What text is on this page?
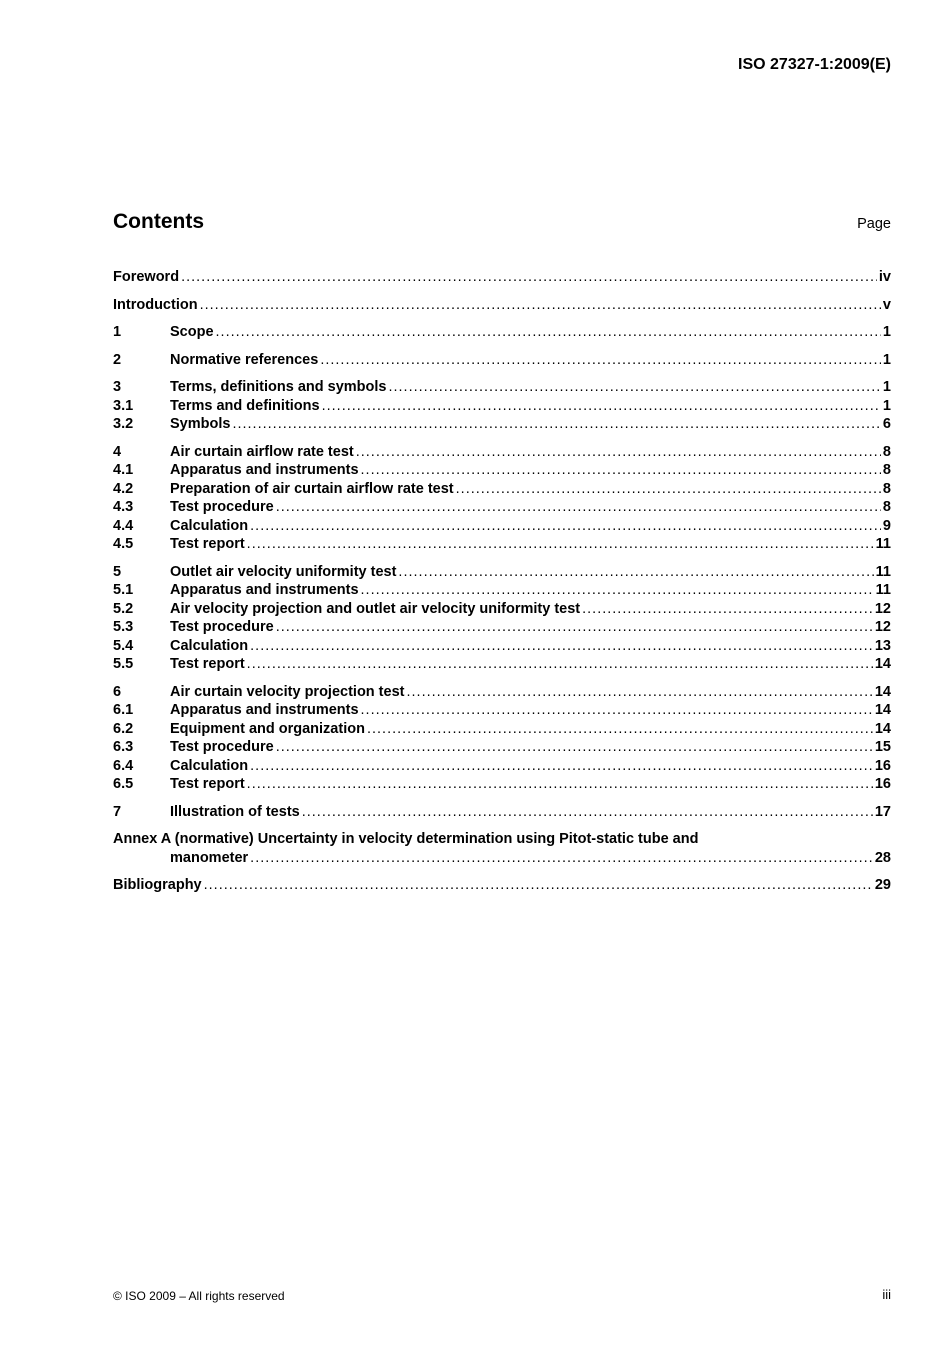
ISO 27327-1:2009(E)
Contents	Page
Foreword .....	iv
Introduction .....	v
1	Scope .....	1
2	Normative references .....	1
3	Terms, definitions and symbols .....	1
3.1	Terms and definitions .....	1
3.2	Symbols .....	6
4	Air curtain airflow rate test .....	8
4.1	Apparatus and instruments .....	8
4.2	Preparation of air curtain airflow rate test .....	8
4.3	Test procedure .....	8
4.4	Calculation .....	9
4.5	Test report .....	11
5	Outlet air velocity uniformity test .....	11
5.1	Apparatus and instruments .....	11
5.2	Air velocity projection and outlet air velocity uniformity test .....	12
5.3	Test procedure .....	12
5.4	Calculation .....	13
5.5	Test report .....	14
6	Air curtain velocity projection test .....	14
6.1	Apparatus and instruments .....	14
6.2	Equipment and organization .....	14
6.3	Test procedure .....	15
6.4	Calculation .....	16
6.5	Test report .....	16
7	Illustration of tests .....	17
Annex A (normative) Uncertainty in velocity determination using Pitot-static tube and
manometer .....	28
Bibliography .....	29
© ISO 2009 – All rights reserved	iii
